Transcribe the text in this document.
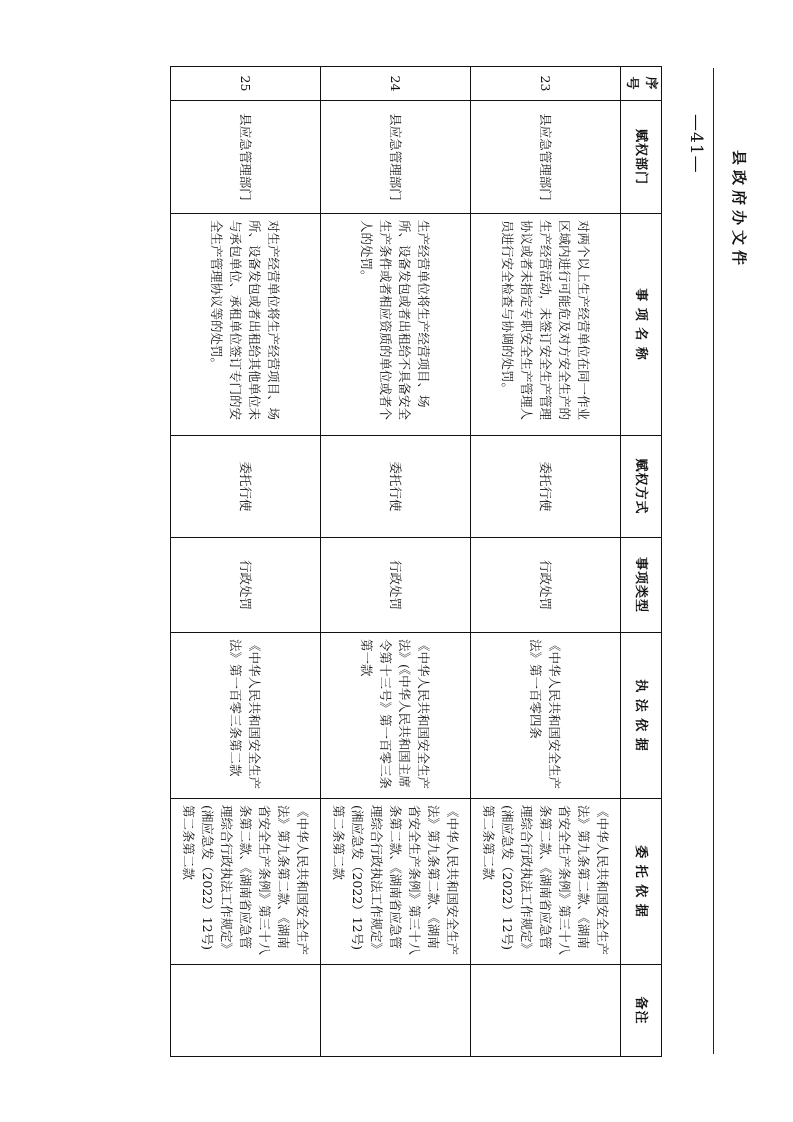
县政府办文件
—41—
序号	赋权部门	事 项 名 称	赋权方式	事项类型	执 法 依 据	委 托 依 据	备注
23	县应急管理部门	对两个以上生产经营单位在同一作业区域内进行可能危及对方安全生产的生产经营活动，未签订安全生产管理协议或者未指定专职安全生产管理人员进行安全检查与协调的处罚。	委托行使	行政处罚	《中华人民共和国安全生产法》第一百零四条	《中华人民共和国安全生产法》第九条第二款、《湖南省安全生产条例》第三十八条第二款、《湖南省应急管理综合行政执法工作规定》(湘应急发（2022）12号)第二条第二款	
24	县应急管理部门	生产经营单位将生产经营项目、场所、设备发包或者出租给不具备安全生产条件或者相应资质的单位或者个人的处罚。	委托行使	行政处罚	《中华人民共和国安全生产法》(《中华人民共和国主席令第十三号》第一百零三条第一款	《中华人民共和国安全生产法》第九条第二款、《湖南省安全生产条例》第三十八条第二款、《湖南省应急管理综合行政执法工作规定》(湘应急发（2022）12号)第二条第二款	
25	县应急管理部门	对生产经营单位将生产经营项目、场所、设备发包或者出租给其他单位未与承包单位、承租单位签订专门的安全生产管理协议等的处罚。	委托行使	行政处罚	《中华人民共和国安全生产法》第一百零三条第二款	《中华人民共和国安全生产法》第九条第二款、《湖南省安全生产条例》第三十八条第二款、《湖南省应急管理综合行政执法工作规定》(湘应急发（2022）12号)第二条第二款	
